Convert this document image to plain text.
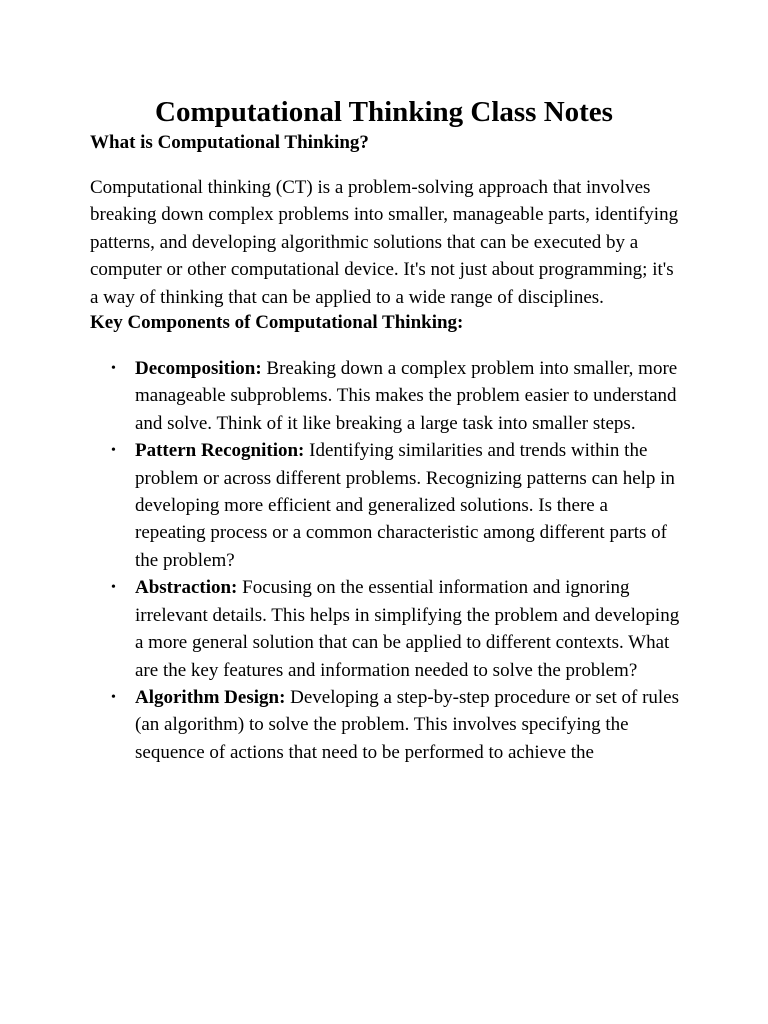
Computational Thinking Class Notes
What is Computational Thinking?

Computational thinking (CT) is a problem-solving approach that involves breaking down complex problems into smaller, manageable parts, identifying patterns, and developing algorithmic solutions that can be executed by a computer or other computational device. It's not just about programming; it's a way of thinking that can be applied to a wide range of disciplines.

Key Components of Computational Thinking:
• Decomposition: Breaking down a complex problem into smaller, more manageable subproblems. This makes the problem easier to understand and solve. Think of it like breaking a large task into smaller steps.
• Pattern Recognition: Identifying similarities and trends within the problem or across different problems. Recognizing patterns can help in developing more efficient and generalized solutions. Is there a repeating process or a common characteristic among different parts of the problem?
• Abstraction: Focusing on the essential information and ignoring irrelevant details. This helps in simplifying the problem and developing a more general solution that can be applied to different contexts. What are the key features and information needed to solve the problem?
• Algorithm Design: Developing a step-by-step procedure or set of rules (an algorithm) to solve the problem. This involves specifying the sequence of actions that need to be performed to achieve the
